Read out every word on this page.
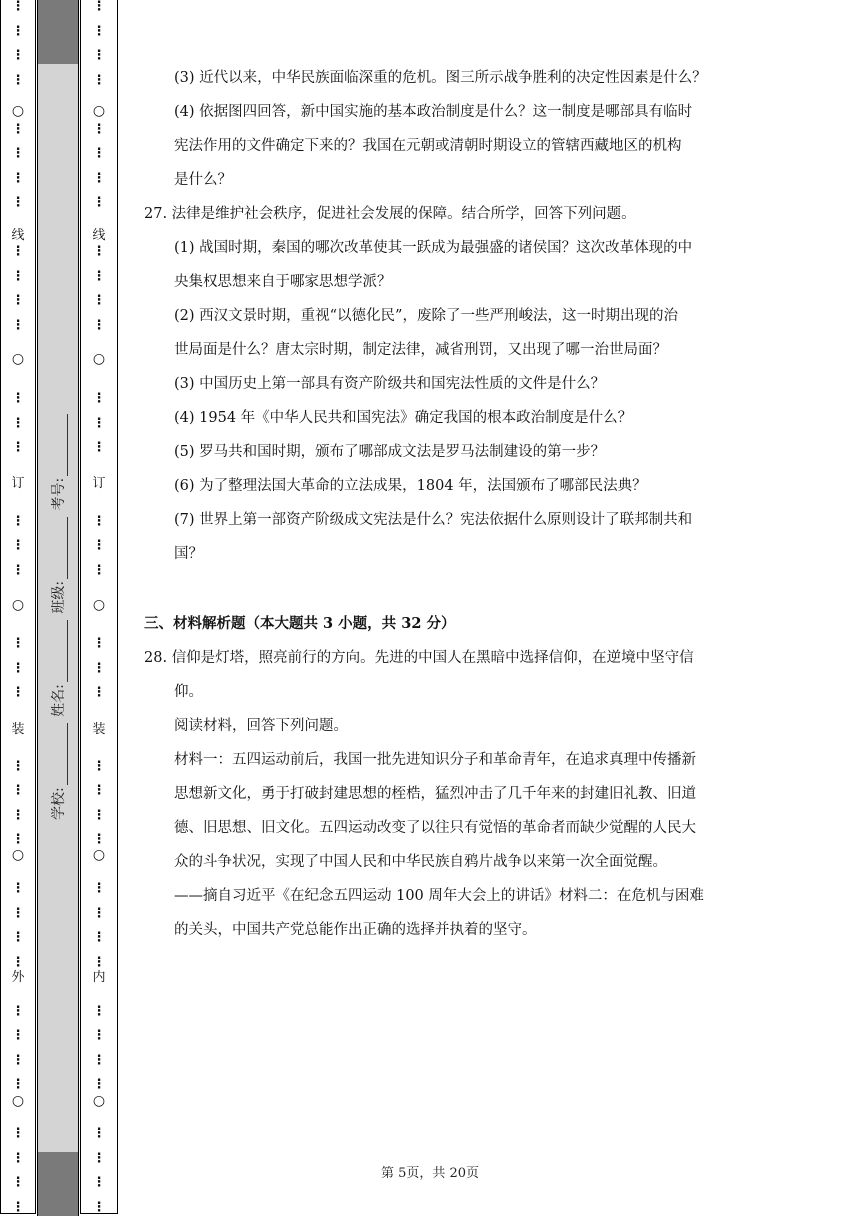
○
线
○
订
○
装
○
外
○
⋮
⋮
⋮
⋮
⋮
⋮
⋮
⋮
⋮
⋮
⋮
⋮
⋮
⋮
⋮
⋮
⋮
⋮
⋮
⋮
⋮
⋮
⋮
⋮
⋮
⋮
⋮
⋮
⋮
⋮
⋮
⋮
⋮
⋮
⋮
⋮
⋮
○
线
○
订
○
装
○
内
○
⋮
⋮
⋮
⋮
⋮
⋮
⋮
⋮
⋮
⋮
⋮
⋮
⋮
⋮
⋮
⋮
⋮
⋮
⋮
⋮
⋮
⋮
⋮
⋮
⋮
⋮
⋮
⋮
⋮
⋮
⋮
⋮
⋮
⋮
⋮
⋮
⋮
学校: 姓名: 班级: 考号:
(3) 近代以来，中华民族面临深重的危机。图三所示战争胜利的决定性因素是什么？
(4) 依据图四回答，新中国实施的基本政治制度是什么？这一制度是哪部具有临时
宪法作用的文件确定下来的？我国在元朝或清朝时期设立的管辖西藏地区的机构
是什么？
27. 法律是维护社会秩序，促进社会发展的保障。结合所学，回答下列问题。
(1) 战国时期，秦国的哪次改革使其一跃成为最强盛的诸侯国？这次改革体现的中
央集权思想来自于哪家思想学派？
(2) 西汉文景时期，重视“以德化民”，废除了一些严刑峻法，这一时期出现的治
世局面是什么？唐太宗时期，制定法律，减省刑罚，又出现了哪一治世局面？
(3) 中国历史上第一部具有资产阶级共和国宪法性质的文件是什么？
(4) 1954 年《中华人民共和国宪法》确定我国的根本政治制度是什么？
(5) 罗马共和国时期，颁布了哪部成文法是罗马法制建设的第一步？
(6) 为了整理法国大革命的立法成果，1804 年，法国颁布了哪部民法典？
(7) 世界上第一部资产阶级成文宪法是什么？宪法依据什么原则设计了联邦制共和
国？
三、材料解析题（本大题共 3 小题，共 32 分）
28. 信仰是灯塔，照亮前行的方向。先进的中国人在黑暗中选择信仰，在逆境中坚守信
仰。
阅读材料，回答下列问题。
材料一：五四运动前后，我国一批先进知识分子和革命青年，在追求真理中传播新
思想新文化，勇于打破封建思想的桎梏，猛烈冲击了几千年来的封建旧礼教、旧道
德、旧思想、旧文化。五四运动改变了以往只有觉悟的革命者而缺少觉醒的人民大
众的斗争状况，实现了中国人民和中华民族自鸦片战争以来第一次全面觉醒。
——摘自习近平《在纪念五四运动 100 周年大会上的讲话》材料二：在危机与困难
的关头，中国共产党总能作出正确的选择并执着的坚守。
第 5页，共 20页
